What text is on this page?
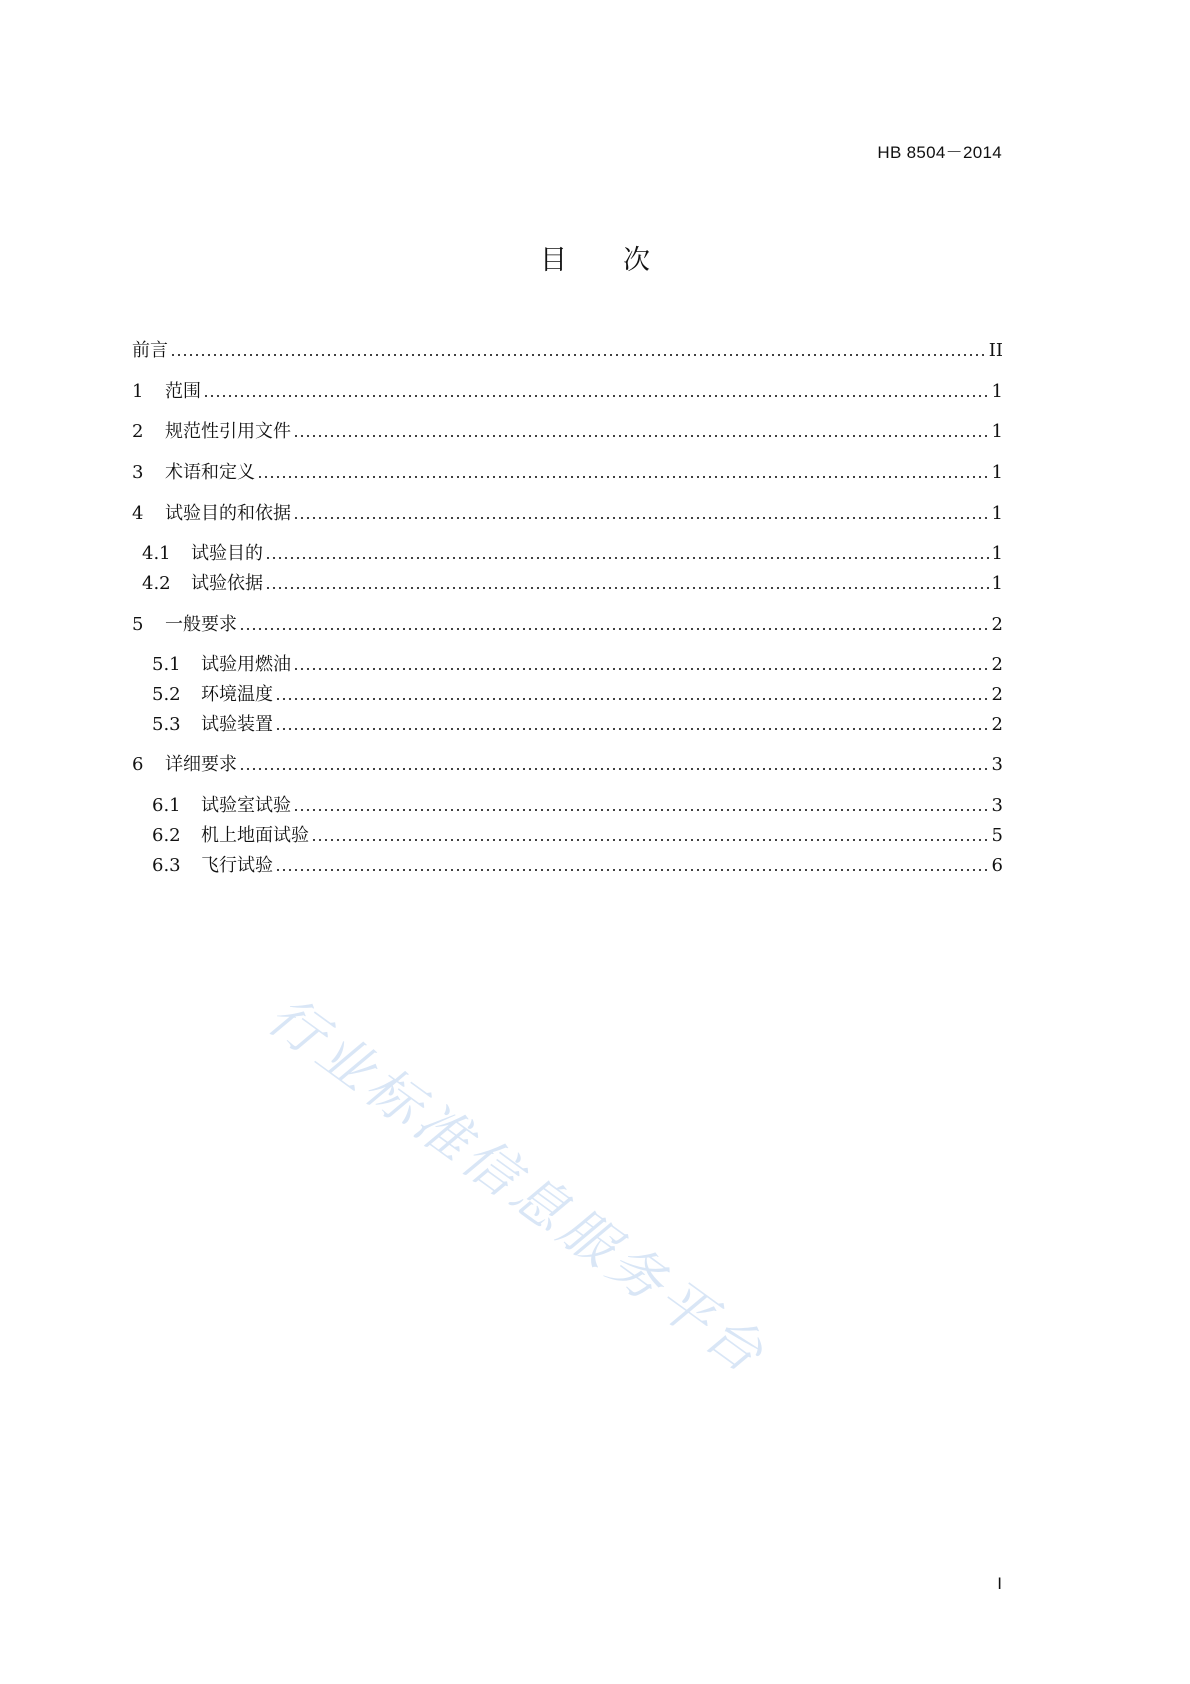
HB 8504－2014
目次
前言	II
1	范围	1
2	规范性引用文件	1
3	术语和定义	1
4	试验目的和依据	1
4.1	试验目的	1
4.2	试验依据	1
5	一般要求	2
5.1	试验用燃油	2
5.2	环境温度	2
5.3	试验装置	2
6	详细要求	3
6.1	试验室试验	3
6.2	机上地面试验	5
6.3	飞行试验	6
行业标准信息服务平台
I
